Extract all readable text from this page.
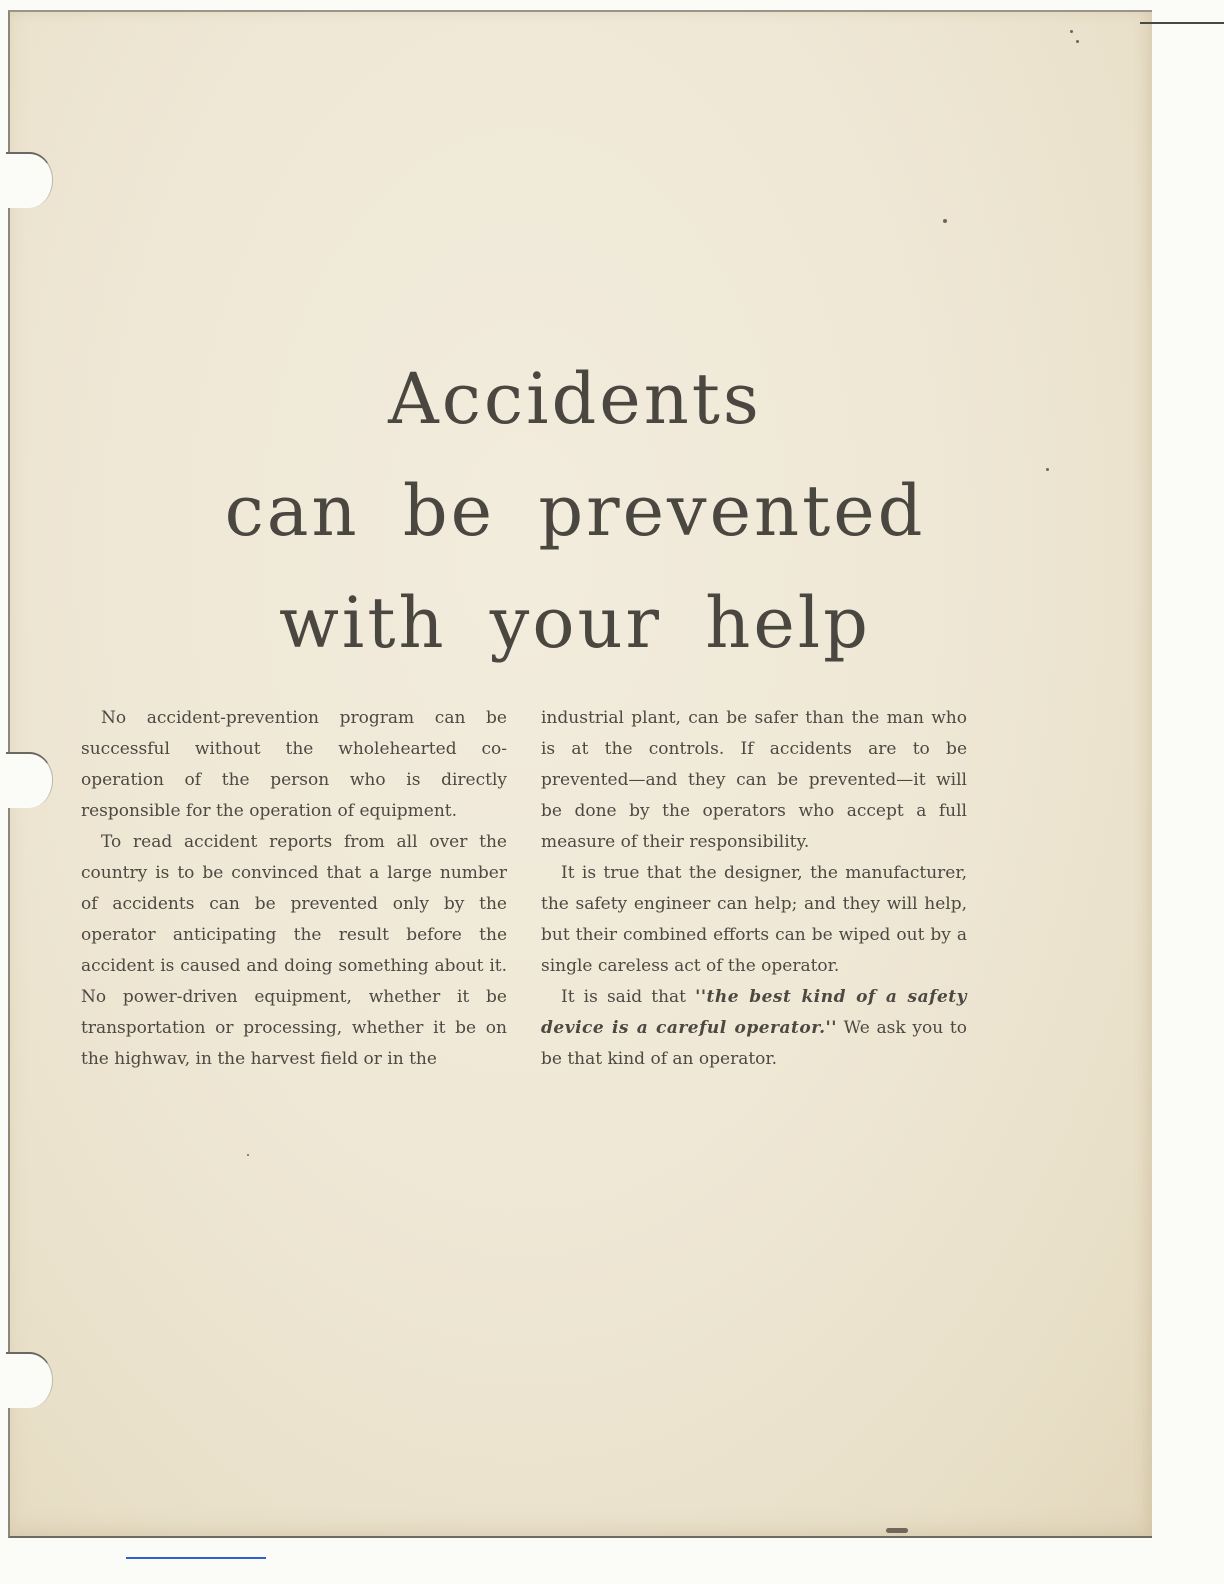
Accidents
can be prevented
with your help

No accident-prevention program can be successful without the wholehearted co-operation of the person who is directly responsible for the operation of equipment.

To read accident reports from all over the country is to be convinced that a large number of accidents can be prevented only by the operator anticipating the result before the accident is caused and doing something about it. No power-driven equipment, whether it be transportation or processing, whether it be on the highwav, in the harvest field or in the

industrial plant, can be safer than the man who is at the controls. If accidents are to be prevented—and they can be prevented—it will be done by the operators who accept a full measure of their responsibility.

It is true that the designer, the manufacturer, the safety engineer can help; and they will help, but their combined efforts can be wiped out by a single careless act of the operator.

It is said that ''the best kind of a safety device is a careful operator.'' We ask you to be that kind of an operator.
